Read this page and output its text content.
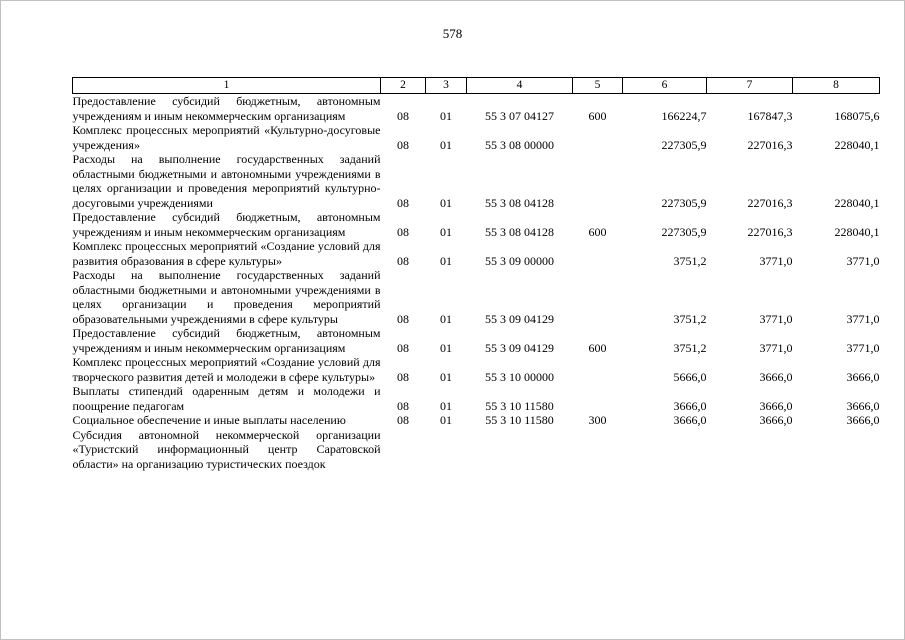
578
1	2	3	4	5	6	7	8
Предоставление субсидий бюджетным, автономным учреждениям и иным некоммерческим организациям	08	01	55 3 07 04127	600	166224,7	167847,3	168075,6
Комплекс процессных мероприятий «Культурно-досуговые учреждения»	08	01	55 3 08 00000		227305,9	227016,3	228040,1
Расходы на выполнение государственных заданий областными бюджетными и автономными учреждениями в целях организации и проведения мероприятий культурно-досуговыми учреждениями	08	01	55 3 08 04128		227305,9	227016,3	228040,1
Предоставление субсидий бюджетным, автономным учреждениям и иным некоммерческим организациям	08	01	55 3 08 04128	600	227305,9	227016,3	228040,1
Комплекс процессных мероприятий «Создание условий для развития образования в сфере культуры»	08	01	55 3 09 00000		3751,2	3771,0	3771,0
Расходы на выполнение государственных заданий областными бюджетными и автономными учреждениями в целях организации и проведения мероприятий образовательными учреждениями в сфере культуры	08	01	55 3 09 04129		3751,2	3771,0	3771,0
Предоставление субсидий бюджетным, автономным учреждениям и иным некоммерческим организациям	08	01	55 3 09 04129	600	3751,2	3771,0	3771,0
Комплекс процессных мероприятий «Создание условий для творческого развития детей и молодежи в сфере культуры»	08	01	55 3 10 00000		5666,0	3666,0	3666,0
Выплаты стипендий одаренным детям и молодежи и поощрение педагогам	08	01	55 3 10 11580		3666,0	3666,0	3666,0
Социальное обеспечение и иные выплаты населению	08	01	55 3 10 11580	300	3666,0	3666,0	3666,0
Субсидия автономной некоммерческой организации «Туристский информационный центр Саратовской области» на организацию туристических поездок							
